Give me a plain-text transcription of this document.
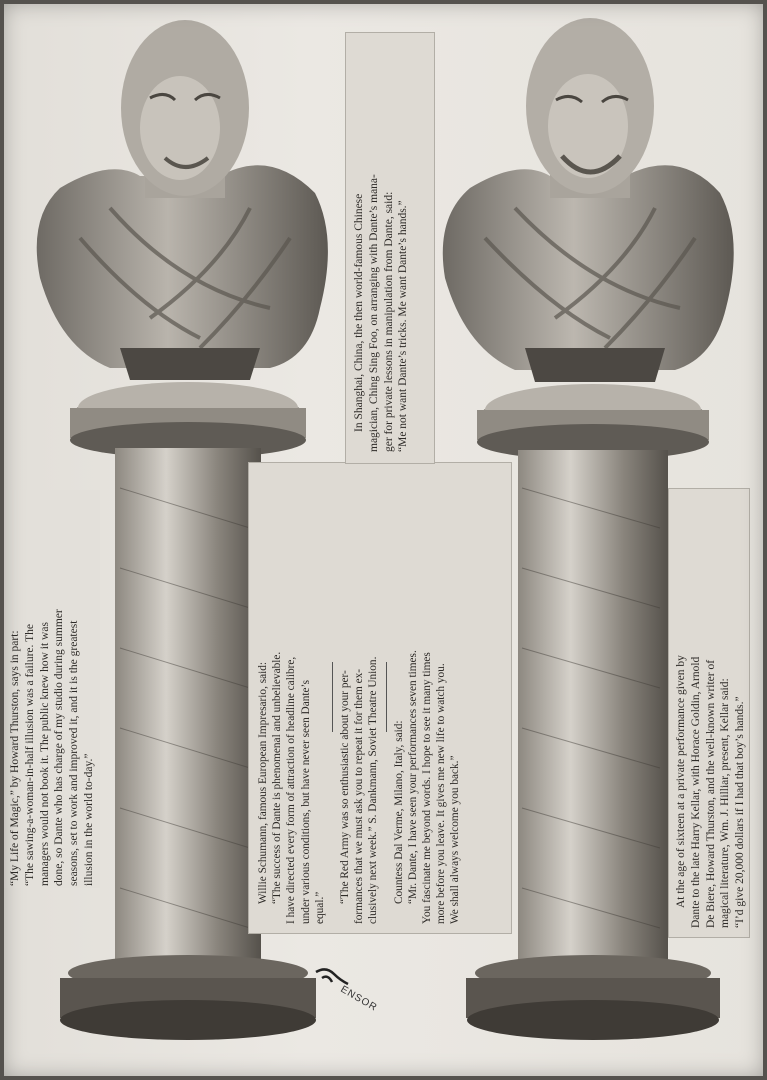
“My Life of Magic,” by Howard Thurston, says in part: “The sawing-a-woman-in-half illusion was a failure. The managers would not book it. The public knew how it was done, so Dante who has charge of my studio during summer seasons, set to work and improved it, and it is the greatest illusion in the world to-day.”	Willie Schumann, famous European Impresario, said: “The success of Dante is phenomenal and unbelievable. I have directed every form of attraction of headline calibre, under various conditions, but have never seen Dante’s equal.”

“The Red Army was so enthusiastic about your per- formances that we must ask you to repeat it for them ex- clusively next week.” S. Dankmann, Soviet Theatre Union. Countess Dal Verme, Milano, Italy, said: “Mr. Dante, I have seen your performances seven times. You fascinate me beyond words. I hope to see it many times more before you leave. It gives me new life to watch you. We shall always welcome you back.”

In Shanghai, China, the then world-famous Chinese magician, Ching Sing Foo, on arranging with Dante’s mana- ger for private lessons in manipulation from Dante, said: “Me not want Dante’s tricks. Me want Dante’s hands.”

At the age of sixteen at a private performance given by Dante to the late Harry Kellar, with Horace Goldin, Arnold De Biere, Howard Thurston, and the well-known writer of magical literature, Wm. J. Hilliar, present, Kellar said: “I’d give 20,000 dollars if I had that boy’s hands.”

ENSOR
